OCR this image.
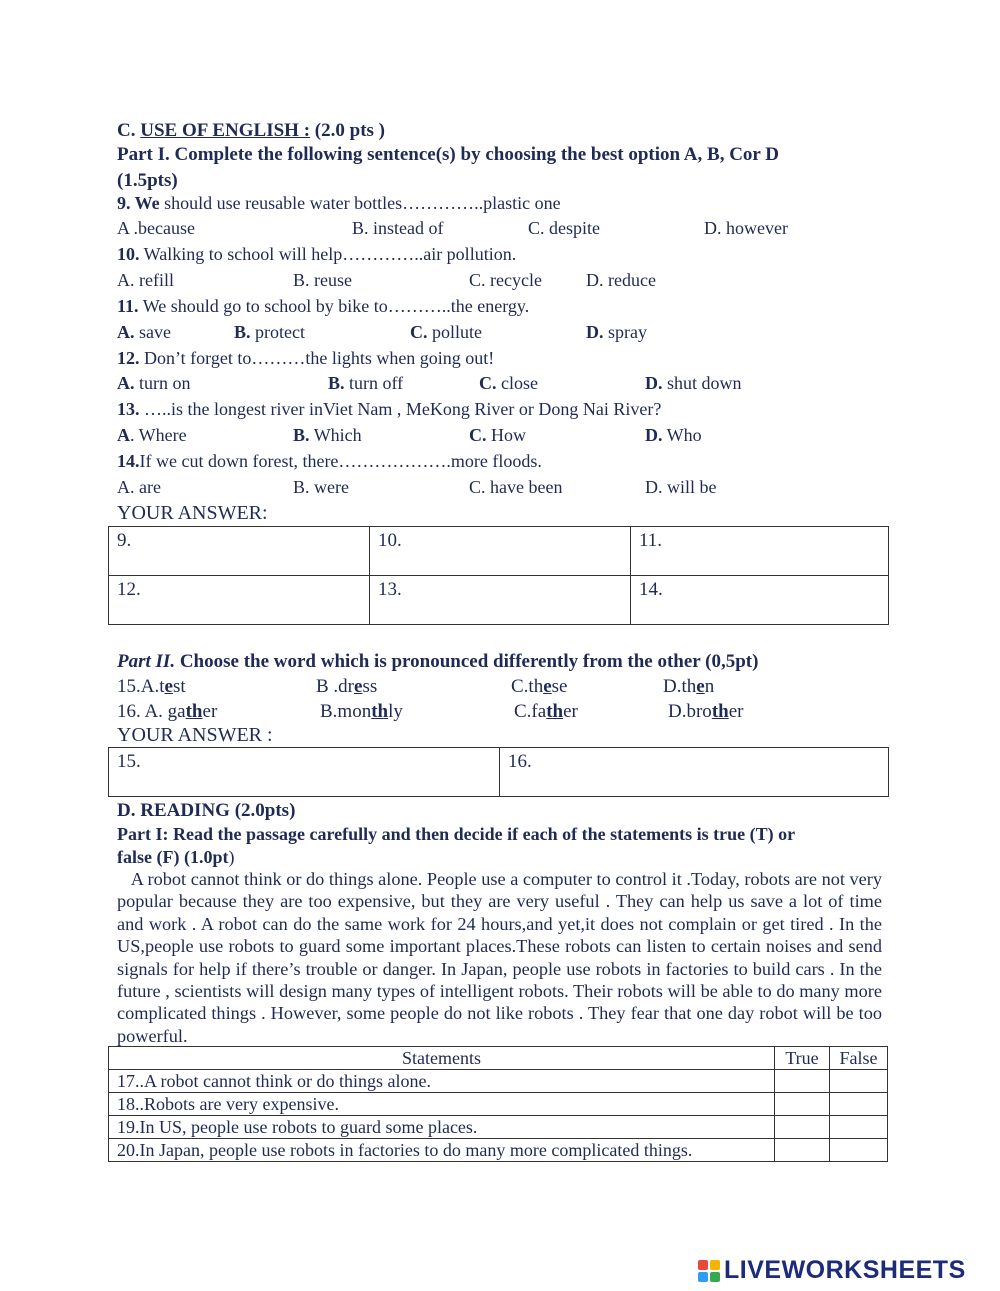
C. USE OF ENGLISH : (2.0 pts )
Part I. Complete the following sentence(s) by choosing the best option A, B, Cor D
(1.5pts)
9. We should use reusable water bottles…………..plastic one
A .because	B. instead of	C. despite	D. however
10. Walking to school will help…………..air pollution.
A. refill	B. reuse	C. recycle D. reduce
11. We should go to school by bike to………..the energy.
A. save	B. protect	C. pollute	D. spray
12. Don’t forget to………the lights when going out!
A. turn on	B. turn off	C. close	D. shut down
13. …..is the longest river inViet Nam , MeKong River or Dong Nai River?
A. Where	B. Which	C. How	D. Who
14.If we cut down forest, there……………….more floods.
A. are	B. were	C. have been	D. will be
YOUR ANSWER:
9.	10.	11.
12.	13.	14.
Part II. Choose the word which is pronounced differently from the other (0,5pt)
15.A.test	B .dress	C.these	D.then
16. A. gather	B.monthly	C.father	D.brother
YOUR ANSWER :
15.	16.
D. READING (2.0pts)
Part I: Read the passage carefully and then decide if each of the statements is true (T) or
false (F) (1.0pt)
A robot cannot think or do things alone. People use a computer to control it .Today, robots are not very popular because they are too expensive, but they are very useful . They can help us save a lot of time and work . A robot can do the same work for 24 hours,and yet,it does not complain or get tired . In the US,people use robots to guard some important places.These robots can listen to certain noises and send signals for help if there’s trouble or danger. In Japan, people use robots in factories to build cars . In the future , scientists will design many types of intelligent robots. Their robots will be able to do many more complicated things . However, some people do not like robots . They fear that one day robot will be too powerful.
Statements	True	False
17..A robot cannot think or do things alone.		
18..Robots are very expensive.		
19.In US, people use robots to guard some places.		
20.In Japan, people use robots in factories to do many more complicated things.		
LIVEWORKSHEETS
